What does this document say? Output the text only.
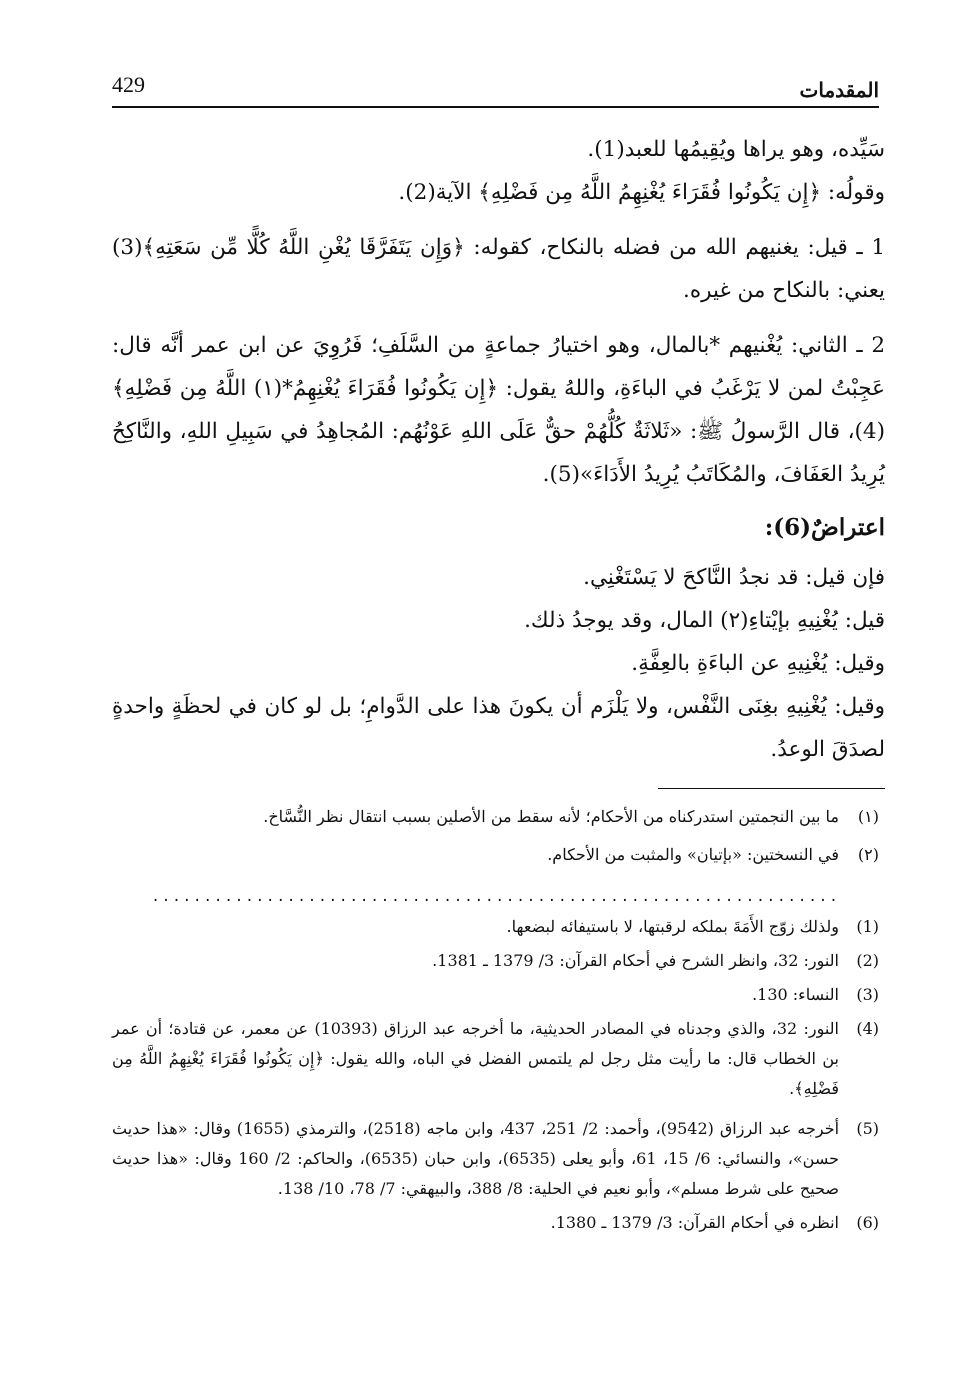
429	المقدمات

سَيِّده، وهو يراها ويُقِيمُها للعبد(1).

وقولُه: ﴿إِن يَكُونُوا فُقَرَاءَ يُغْنِهِمُ اللَّهُ مِن فَضْلِهِ﴾ الآية(2).

1 ـ قيل: يغنيهم الله من فضله بالنكاح، كقوله: ﴿وَإِن يَتَفَرَّقَا يُغْنِ اللَّهُ كُلًّا مِّن سَعَتِهِ﴾(3) يعني: بالنكاح من غيره.

2 ـ الثاني: يُغْنيهم *بالمال، وهو اختيارُ جماعةٍ من السَّلَفِ؛ فَرُوِيَ عن ابن عمر أنَّه قال: عَجِبْتُ لمن لا يَرْغَبُ في الباءَةِ، واللهُ يقول: ﴿إِن يَكُونُوا فُقَرَاءَ يُغْنِهِمُ*(١) اللَّهُ مِن فَضْلِهِ﴾(4)، قال الرَّسولُ ﷺ: «ثَلاثَةٌ كُلُّهُمْ حقٌّ عَلَى اللهِ عَوْنُهُم: المُجاهِدُ في سَبِيلِ اللهِ، والنَّاكِحُ يُرِيدُ العَفَافَ، والمُكَاتَبُ يُرِيدُ الأَدَاءَ»(5).

اعتراضٌ(6):

فإن قيل: قد نجدُ النَّاكحَ لا يَسْتَغْنِي.

قيل: يُغْنِيهِ بإيْتاءِ(٢) المال، وقد يوجدُ ذلك.

وقيل: يُغْنِيهِ عن الباءَةِ بالعِفَّةِ.

وقيل: يُغْنِيهِ بغِنَى النَّفْس، ولا يَلْزَم أن يكونَ هذا على الدَّوامِ؛ بل لو كان في لحظَةٍ واحدةٍ لصدَقَ الوعدُ.

(١)
ما بين النجمتين استدركناه من الأحكام؛ لأنه سقط من الأصلين بسبب انتقال نظر النُّسَّاخ.
(٢)
في النسختين: «بإتيان» والمثبت من الأحكام.
..................................................................
(1)
ولذلك زوّج الأَمَةَ بملكه لرقبتها، لا باستيفائه لبضعها.
(2)
النور: 32، وانظر الشرح في أحكام القرآن: 3/ 1379 ـ 1381.
(3)
النساء: 130.
(4)
النور: 32، والذي وجدناه في المصادر الحديثية، ما أخرجه عبد الرزاق (10393) عن معمر، عن قتادة؛ أن عمر بن الخطاب قال: ما رأيت مثل رجل لم يلتمس الفضل في الباه، والله يقول: ﴿إِن يَكُونُوا فُقَرَاءَ يُغْنِهِمُ اللَّهُ مِن فَضْلِهِ﴾.
(5)
أخرجه عبد الرزاق (9542)، وأحمد: 2/ 251، 437، وابن ماجه (2518)، والترمذي (1655) وقال: «هذا حديث حسن»، والنسائي: 6/ 15، 61، وأبو يعلى (6535)، وابن حبان (6535)، والحاكم: 2/ 160 وقال: «هذا حديث صحيح على شرط مسلم»، وأبو نعيم في الحلية: 8/ 388، والبيهقي: 7/ 78، 10/ 138.
(6)
انظره في أحكام القرآن: 3/ 1379 ـ 1380.
